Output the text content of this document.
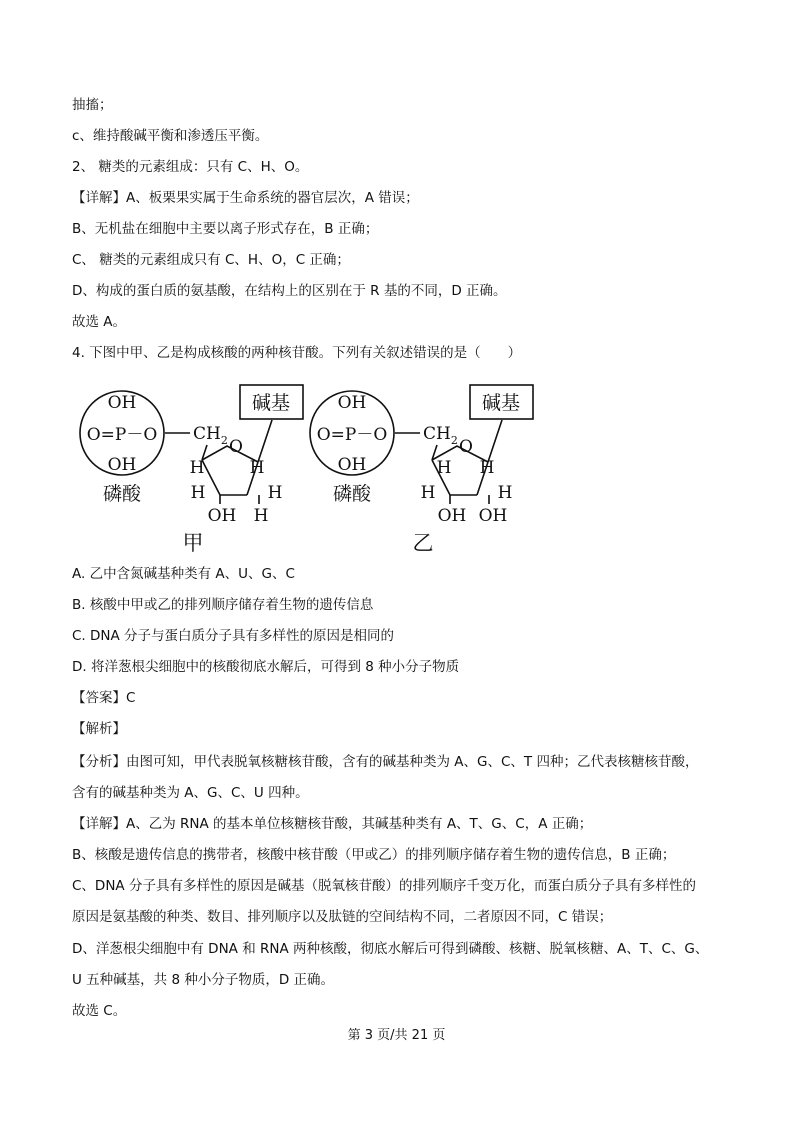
抽搐；
c、维持酸碱平衡和渗透压平衡。
2、 糖类的元素组成：只有 C、H、O。
【详解】A、板栗果实属于生命系统的器官层次，A 错误；
B、无机盐在细胞中主要以离子形式存在，B 正确；
C、 糖类的元素组成只有 C、H、O，C 正确；
D、构成的蛋白质的氨基酸，在结构上的区别在于 R 基的不同，D 正确。
故选 A。
4. 下图中甲、乙是构成核酸的两种核苷酸。下列有关叙述错误的是（　　）
OH
O=P－O
OH
磷酸
$CH_2$ O
H	H
H	H
OH H
碱基
甲
OH
O=P－O
OH
磷酸
$CH_2$ O
H H
H	H
OH OH
碱基
乙
A. 乙中含氮碱基种类有 A、U、G、C
B. 核酸中甲或乙的排列顺序储存着生物的遗传信息
C. DNA 分子与蛋白质分子具有多样性的原因是相同的
D. 将洋葱根尖细胞中的核酸彻底水解后，可得到 8 种小分子物质
【答案】C
【解析】
【分析】由图可知，甲代表脱氧核糖核苷酸，含有的碱基种类为 A、G、C、T 四种；乙代表核糖核苷酸，
含有的碱基种类为 A、G、C、U 四种。
【详解】A、乙为 RNA 的基本单位核糖核苷酸，其碱基种类有 A、T、G、C，A 正确；
B、核酸是遗传信息的携带者，核酸中核苷酸（甲或乙）的排列顺序储存着生物的遗传信息，B 正确；
C、DNA 分子具有多样性的原因是碱基（脱氧核苷酸）的排列顺序千变万化，而蛋白质分子具有多样性的
原因是氨基酸的种类、数目、排列顺序以及肽链的空间结构不同，二者原因不同，C 错误；
D、洋葱根尖细胞中有 DNA 和 RNA 两种核酸，彻底水解后可得到磷酸、核糖、脱氧核糖、A、T、C、G、
U 五种碱基，共 8 种小分子物质，D 正确。
故选 C。
第 3 页/共 21 页
